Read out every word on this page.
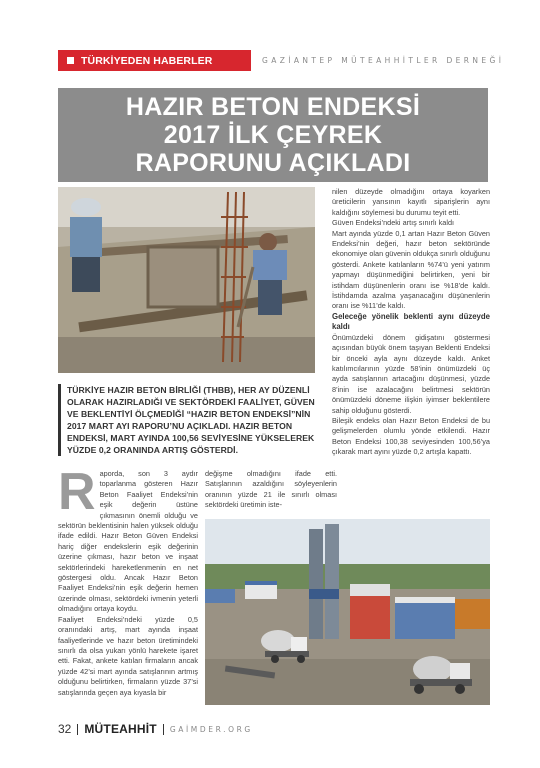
TÜRKİYEDEN HABERLER	GAZİANTEP MÜTEAHHİTLER DERNEĞİ
HAZIR BETON ENDEKSİ
2017 İLK ÇEYREK
RAPORUNU AÇIKLADI

TÜRKİYE HAZIR BETON BİRLİĞİ (THBB), HER AY DÜZENLİ OLARAK HAZIRLADIĞI VE SEKTÖRDEKİ FAALİYET, GÜVEN VE BEKLENTİYİ ÖLÇMEDİĞİ “HAZIR BETON ENDEKSİ”NİN 2017 MART AYI RAPORU’NU AÇIKLADI. HAZIR BETON ENDEKSİ, MART AYINDA 100,56 SEVİYESİNE YÜKSELEREK YÜZDE 0,2 ORANINDA ARTIŞ GÖSTERDİ.

R aporda, son 3 aydır toparlanma gösteren Hazır Beton Faaliyet Endeksi’nin eşik değerin üstüne çıkmasının önemli olduğu ve sektörün beklentisinin halen yüksek olduğu ifade edildi. Hazır Beton Güven Endeksi hariç diğer endekslerin eşik değerinin üzerine çıkması, hazır beton ve inşaat sektörlerindeki hareketlenmenin en net göstergesi oldu. Ancak Hazır Beton Faaliyet Endeksi’nin eşik değerin hemen üzerinde olması, sektördeki ivmenin yeterli olmadığını ortaya koydu.

Faaliyet Endeksi’ndeki yüzde 0,5 oranındaki artış, mart ayında inşaat faaliyetlerinde ve hazır beton üretimindeki sınırlı da olsa yukarı yönlü harekete işaret etti. Fakat, ankete katılan firmaların ancak yüzde 42’si mart ayında satışlarının artmış olduğunu belirtirken, firmaların yüzde 37’si satışlarında geçen aya kıyasla bir

değişme olmadığını ifade etti. Satışlarının azaldığını söyleyenlerin oranının yüzde 21 ile sınırlı olması sektördeki üretimin iste-

nilen düzeyde olmadığını ortaya koyarken üreticilerin yarısının kayıtlı siparişlerin aynı kaldığını söylemesi bu durumu teyit etti.

Güven Endeksi’ndeki artış sınırlı kaldı

Mart ayında yüzde 0,1 artan Hazır Beton Güven Endeksi’nin değeri, hazır beton sektöründe ekonomiye olan güvenin oldukça sınırlı olduğunu gösterdi. Ankete katılanların %74’ü yeni yatırım yapmayı düşünmediğini belirtirken, yeni bir istihdam düşünenlerin oranı ise %18’de kaldı. İstihdamda azalma yaşanacağını düşünenlerin oranı ise %11’de kaldı.

Geleceğe yönelik beklenti aynı düzeyde kaldı

Önümüzdeki dönem gidişatını göstermesi açısından büyük önem taşıyan Beklenti Endeksi bir önceki ayla aynı düzeyde kaldı. Anket katılımcılarının yüzde 58’inin önümüzdeki üç ayda satışlarının artacağını düşünmesi, yüzde 8’inin ise azalacağını belirtmesi sektörün önümüzdeki döneme ilişkin iyimser beklentilere sahip olduğunu gösterdi.

Bileşik endeks olan Hazır Beton Endeksi de bu gelişmelerden olumlu yönde etkilendi. Hazır Beton Endeksi 100,38 seviyesinden 100,56’ya çıkarak mart ayını yüzde 0,2 artışla kapattı.

32 MÜTEAHHİT GAİMDER.ORG
